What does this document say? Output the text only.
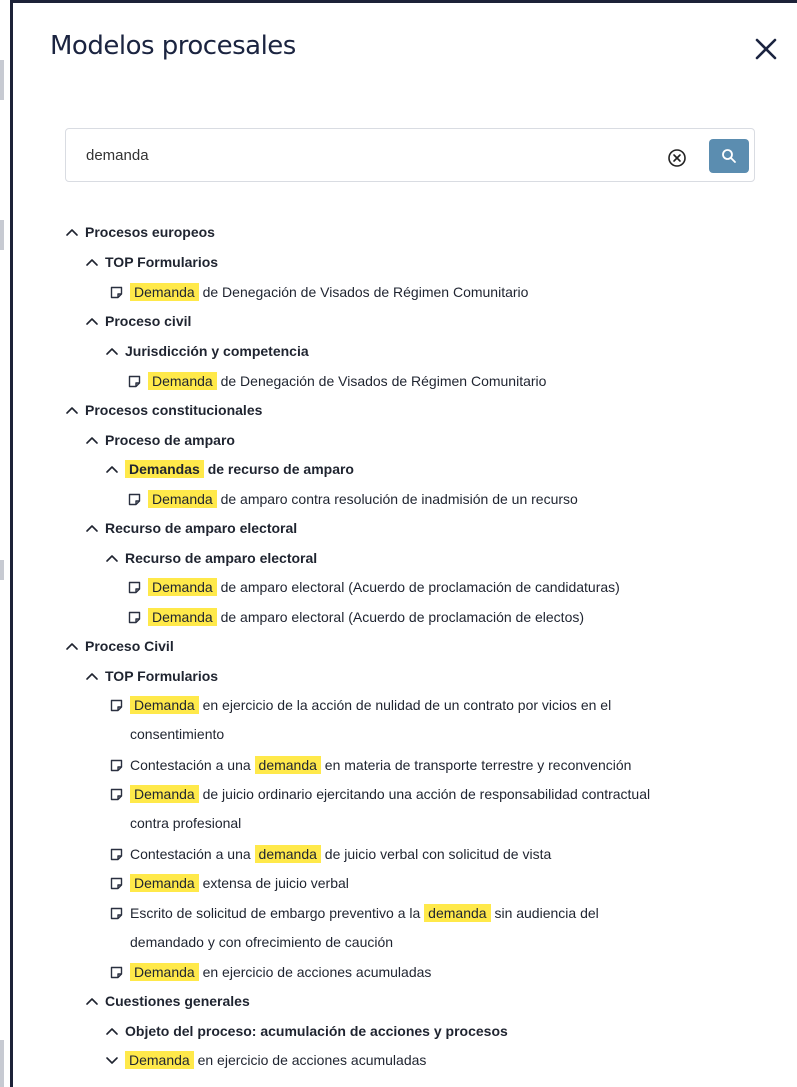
Modelos procesales
demanda
Procesos europeos
TOP Formularios
Demanda de Denegación de Visados de Régimen Comunitario
Proceso civil
Jurisdicción y competencia
Demanda de Denegación de Visados de Régimen Comunitario
Procesos constitucionales
Proceso de amparo
Demandas de recurso de amparo
Demanda de amparo contra resolución de inadmisión de un recurso
Recurso de amparo electoral
Recurso de amparo electoral
Demanda de amparo electoral (Acuerdo de proclamación de candidaturas)
Demanda de amparo electoral (Acuerdo de proclamación de electos)
Proceso Civil
TOP Formularios
Demanda en ejercicio de la acción de nulidad de un contrato por vicios en el
consentimiento
Contestación a una demanda en materia de transporte terrestre y reconvención
Demanda de juicio ordinario ejercitando una acción de responsabilidad contractual
contra profesional
Contestación a una demanda de juicio verbal con solicitud de vista
Demanda extensa de juicio verbal
Escrito de solicitud de embargo preventivo a la demanda sin audiencia del
demandado y con ofrecimiento de caución
Demanda en ejercicio de acciones acumuladas
Cuestiones generales
Objeto del proceso: acumulación de acciones y procesos
Demanda en ejercicio de acciones acumuladas
